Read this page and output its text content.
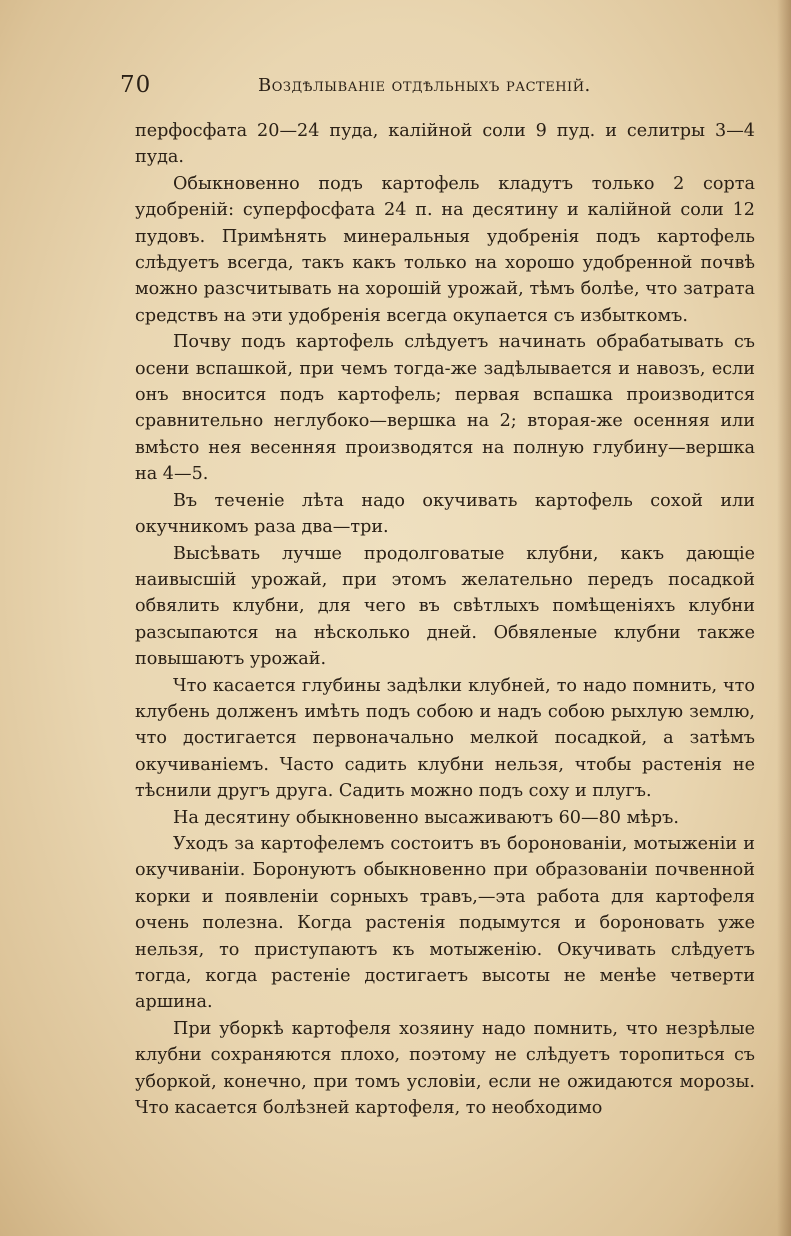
70	Воздѣлываніе отдѣльныхъ растеній.

перфосфата 20—24 пуда, калійной соли 9 пуд. и селитры 3—4 пуда.

Обыкновенно подъ картофель кладутъ только 2 сорта удобреній: суперфосфата 24 п. на десятину и калійной соли 12 пудовъ. Примѣнять минеральныя удобренія подъ картофель слѣдуетъ всегда, такъ какъ только на хорошо удобренной почвѣ можно разсчитывать на хорошій урожай, тѣмъ болѣе, что затрата средствъ на эти удобренія всегда окупается съ избыткомъ.

Почву подъ картофель слѣдуетъ начинать обрабатывать съ осени вспашкой, при чемъ тогда-же задѣлывается и навозъ, если онъ вносится подъ картофель; первая вспашка производится сравнительно неглубоко—вершка на 2; вторая-же осенняя или вмѣсто нея весенняя производятся на полную глубину—вершка на 4—5.

Въ теченіе лѣта надо окучивать картофель сохой или окучникомъ раза два—три.

Высѣвать лучше продолговатые клубни, какъ дающіе наивысшій урожай, при этомъ желательно передъ посадкой обвялить клубни, для чего въ свѣтлыхъ помѣщеніяхъ клубни разсыпаются на нѣсколько дней. Обвяленые клубни также повышаютъ урожай.

Что касается глубины задѣлки клубней, то надо помнить, что клубень долженъ имѣть подъ собою и надъ собою рыхлую землю, что достигается первоначально мелкой посадкой, а затѣмъ окучиваніемъ. Часто садить клубни нельзя, чтобы растенія не тѣснили другъ друга. Садить можно подъ соху и плугъ.

На десятину обыкновенно высаживаютъ 60—80 мѣръ.

Уходъ за картофелемъ состоитъ въ боронованіи, мотыженіи и окучиваніи. Боронуютъ обыкновенно при образованіи почвенной корки и появленіи сорныхъ травъ,—эта работа для картофеля очень полезна. Когда растенія подымутся и бороновать уже нельзя, то приступаютъ къ мотыженію. Окучивать слѣдуетъ тогда, когда растеніе достигаетъ высоты не менѣе четверти аршина.

При уборкѣ картофеля хозяину надо помнить, что незрѣлые клубни сохраняются плохо, поэтому не слѣдуетъ торопиться съ уборкой, конечно, при томъ условіи, если не ожидаются морозы. Что касается болѣзней картофеля, то необходимо
